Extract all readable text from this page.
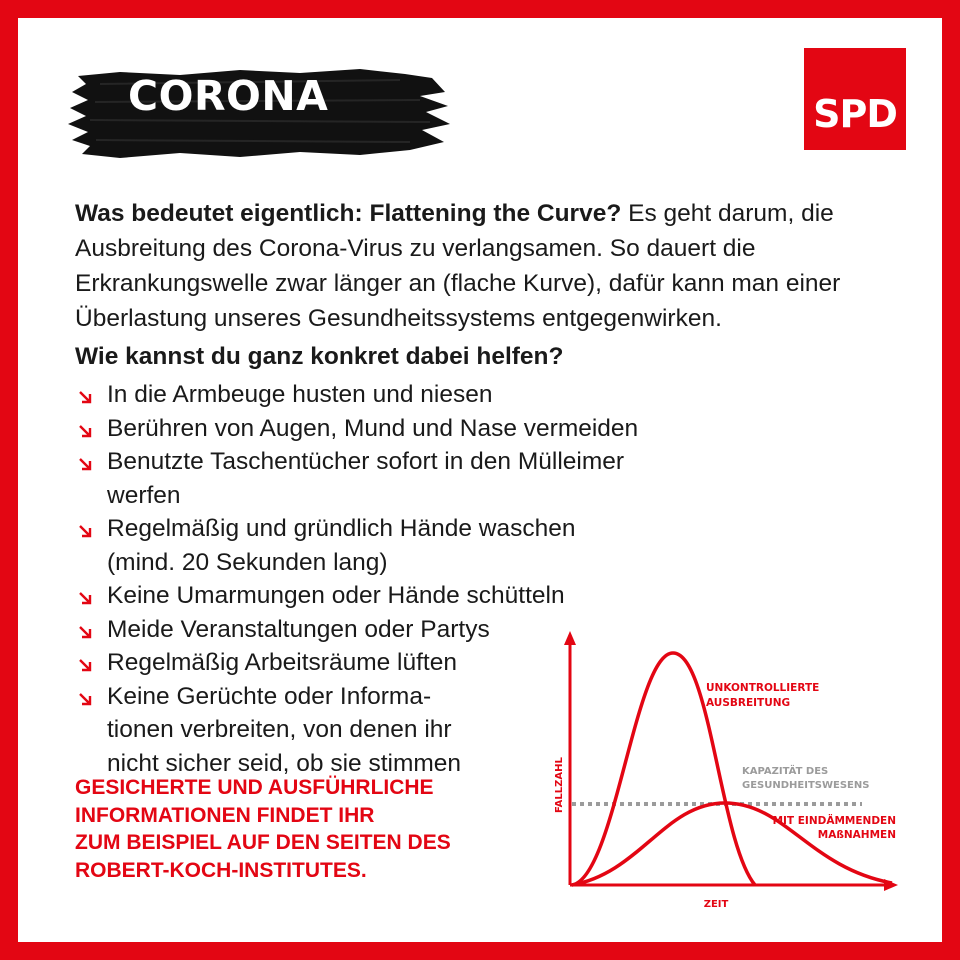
CORONA	SPD

Was bedeutet eigentlich: Flattening the Curve? Es geht darum, die Ausbreitung des Corona-Virus zu verlangsamen. So dauert die Erkrankungswelle zwar länger an (flache Kurve), dafür kann man einer Überlastung unseres Gesundheitssystems entgegenwirken.

Wie kannst du ganz konkret dabei helfen?

In die Armbeuge husten und niesen
Berühren von Augen, Mund und Nase vermeiden
Benutzte Taschentücher sofort in den Mülleimer werfen
Regelmäßig und gründlich Hände waschen
(mind. 20 Sekunden lang)
Keine Umarmungen oder Hände schütteln
Meide Veranstaltungen oder Partys
Regelmäßig Arbeitsräume lüften
Keine Gerüchte oder Informa-
tionen verbreiten, von denen ihr
nicht sicher seid, ob sie stimmen

GESICHERTE UND AUSFÜHRLICHE
INFORMATIONEN FINDET IHR
ZUM BEISPIEL AUF DEN SEITEN DES
ROBERT-KOCH-INSTITUTES.

FALLZAHL
ZEIT
UNKONTROLLIERTE
AUSBREITUNG
KAPAZITÄT DES
GESUNDHEITSWESENS
MIT EINDÄMMENDEN
MAßNAHMEN
